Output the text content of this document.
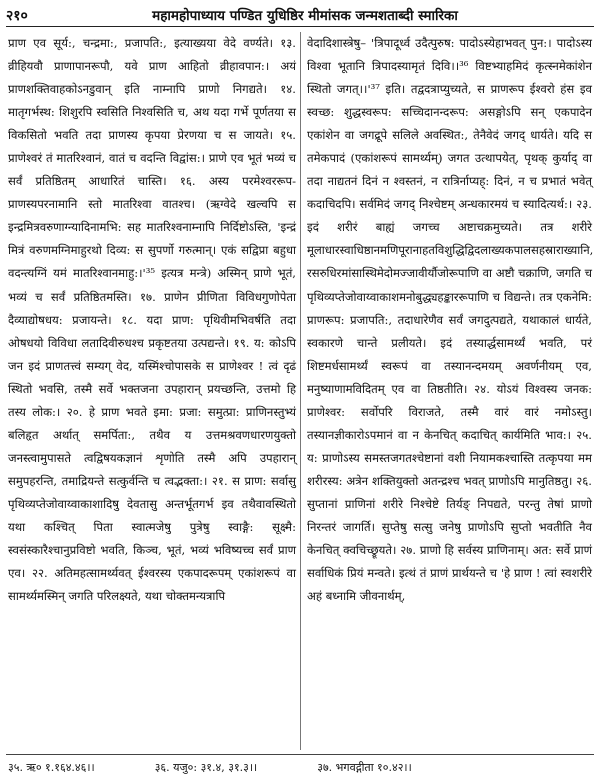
२१०	महामहोपाध्याय पण्डित युधिष्ठिर मीमांसक जन्मशताब्दी स्मारिका

प्राण एव सूर्य:, चन्द्रमा:, प्रजापति:, इत्याख्यया वेदे वर्ण्यते। १३. व्रीहियवौ प्राणापानरूपौ, यवे प्राण आहितो व्रीहावपान:। अयं प्राणशक्तिवाहकोऽनडुवान् इति नाम्नापि प्राणो निगद्यते। १४. मातृगर्भस्थ: शिशुरपि स्वसिति निश्वसिति च, अथ यदा गर्भे पूर्णतया स विकसितो भवति तदा प्राणस्य कृपया प्रेरणया च स जायते। १५. प्राणेश्वरं तं मातरिश्वानं, वातं च वदन्ति विद्वांस:। प्राणे एव भूतं भव्यं च सर्वं प्रतिष्ठितम् आधारितं चास्ति। १६. अस्य परमेश्वररूप-प्राणस्यपरनामानि स्तो मातरिश्वा वातश्च। (ऋग्वेदे खल्वपि स इन्द्रमित्रवरुणाग्न्यादिनामभि: सह मातरिश्वनाम्नापि निर्दिष्टोऽस्ति, 'इन्द्रं मित्रं वरुणमग्निमाहुरथो दिव्य: स सुपर्णो गरुत्मान्। एकं सद्विप्रा बहुधा वदन्त्यग्निं यमं मातरिश्वानमाहु:।'³⁵ इत्यत्र मन्त्रे) अस्मिन् प्राणे भूतं, भव्यं च सर्वं प्रतिष्ठितमस्ति। १७. प्राणेन प्रीणिता विविधगुणोपेता दैव्याद्योषधय: प्रजायन्ते। १८. यदा प्राण: पृथिवीमभिवर्षति तदा ओषधयो विविधा लतादिवीरुधश्च प्रकृष्टतया उत्पद्यन्ते। १९. य: कोऽपि जन इदं प्राणतत्त्वं सम्यग् वेद, यस्मिंश्चोपासके स प्राणेश्वर ! त्वं दृढं स्थितो भवसि, तस्मै सर्वे भक्तजना उपहारान् प्रयच्छन्ति, उत्तमो हि तस्य लोक:। २०. हे प्राण भवते इमा: प्रजा: समुत्प्रा: प्राणिनस्तुभ्यं बलिहृत अर्थात् समर्पिता:, तथैव य उत्तमश्रवणधारणयुक्तो जनस्त्वामुपासते त्वद्विषयकज्ञानं शृणोति तस्मै अपि उपहारान् समुपहरन्ति, तमाद्रियन्ते सत्कुर्वन्ति च त्वद्भक्ता:। २१. स प्राण: सर्वासु पृथिव्यप्तेजोवाय्वाकाशादिषु देवतासु अन्तर्भूतगर्भ इव तथैवावस्थितो यथा कश्चित् पिता स्वात्मजेषु पुत्रेषु स्वाङ्गै: सूक्ष्मै: स्वसंस्कारैश्चानुप्रविष्टो भवति, किञ्च, भूतं, भव्यं भविष्यच्च सर्वं प्राण एव। २२. अतिमहत्सामर्थ्यवत् ईश्वरस्य एकपादरूपम् एकांशरूपं वा सामर्थ्यमस्मिन् जगति परिलक्ष्यते, यथा चोक्तमन्यत्रापि

वेदादिशास्त्रेषु– 'त्रिपादूर्ध्व उदैत्पुरुष: पादोऽस्येहाभवत् पुन:। पादोऽस्य विश्वा भूतानि त्रिपादस्यामृतं दिवि।।³⁶ विष्टभ्याहमिदं कृत्स्नमेकांशेन स्थितो जगत्।।'³⁷ इति। तद्वदत्राप्युच्यते, स प्राणरूप ईश्वरो हंस इव स्वच्छ: शुद्धस्वरूप: सच्चिदानन्दरूप: असङ्गोऽपि सन् एकपादेन एकांशेन वा जगद्रूपे सलिले अवस्थित:, तेनैवेदं जगद् धार्यते। यदि स तमेकपादं (एकांशरूपं सामर्थ्यम्) जगत उत्थापयेत्, पृथक् कुर्याद् वा तदा नाद्यतनं दिनं न श्वस्तनं, न रात्रिर्नाप्यह्: दिनं, न च प्रभातं भवेत् कदाचिदपि। सर्वमिदं जगद् निश्चेष्टम् अन्धकारमयं च स्यादित्यर्थ:। २३. इदं शरीरं बाह्यं जगच्च अष्टाचक्रमुच्यते। तत्र शरीरे मूलाधारस्वाधिष्ठानमणिपूरानाहतविशुद्धिद्विदलाख्यकपालसहस्राराख्यानि, रसरुधिरमांसास्थिमेदोमज्जावीर्यौजोरूपाणि वा अष्टौ चक्राणि, जगति च पृथिव्यप्तेजोवाय्वाकाशमनोबुद्ध्यहङ्काररूपाणि च विद्यन्ते। तत्र एकनेमि: प्राणरूप: प्रजापति:, तदाधारेणैव सर्वं जगदुत्पद्यते, यथाकालं धार्यते, स्वकारणे चान्ते प्रलीयते। इदं तस्यार्द्धसामर्थ्यं भवति, परं शिष्टमर्धसामर्थ्यं स्वरूपं वा तस्यानन्दमयम् अवर्णनीयम् एव, मनुष्याणामविदितम् एव वा तिष्ठतीति। २४. योऽयं विश्वस्य जनक: प्राणेश्वर: सर्वोपरि विराजते, तस्मै वारं वारं नमोऽस्तु। तस्यानज्ञीकारोऽपमानं वा न केनचित् कदाचित् कार्यमिति भाव:। २५. य: प्राणोऽस्य समस्तजगतश्चेष्टानां वशी नियामकश्चास्ति तत्कृपया मम शरीरस्य: अत्रेन शक्तियुक्तो अतन्द्रश्च भवत् प्राणोऽपि मानुतिष्ठतु। २६. सुप्तानां प्राणिनां शरीरे निश्चेष्टे तिर्यङ् निपद्यते, परन्तु तेषां प्राणो निरन्तरं जागर्ति। सुप्तेषु सत्सु जनेषु प्राणोऽपि सुप्तो भवतीति नैव केनचित् क्वचिच्छ्रूयते। २७. प्राणो हि सर्वस्य प्राणिनाम्। अत: सर्वे प्राणं सर्वाधिकं प्रियं मन्वते। इत्थं तं प्राणं प्रार्थयन्ते च 'हे प्राण ! त्वां स्वशरीरे अहं बध्नामि जीवनार्थम्,

३५. ऋ० १.१६४.४६।।	३६. यजु०: ३१.४, ३१.३।।	३७. भगवद्गीता १०.४२।।
